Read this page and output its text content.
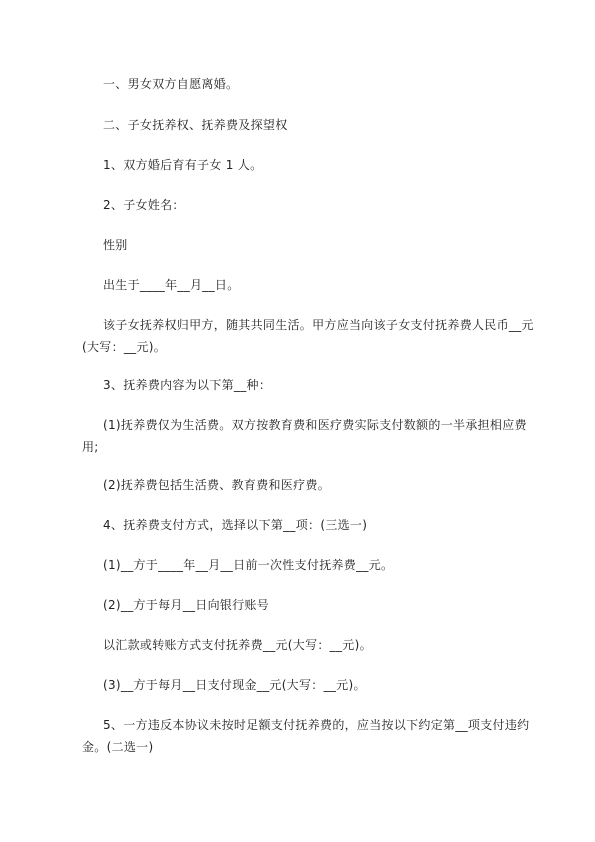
一、男女双方自愿离婚。
二、子女抚养权、抚养费及探望权
1、双方婚后育有子女 1 人。
2、子女姓名：
性别
出生于____年__月__日。
该子女抚养权归甲方，随其共同生活。甲方应当向该子女支付抚养费人民币__元
(大写：__元)。
3、抚养费内容为以下第__种：
(1)抚养费仅为生活费。双方按教育费和医疗费实际支付数额的一半承担相应费
用;
(2)抚养费包括生活费、教育费和医疗费。
4、抚养费支付方式，选择以下第__项：(三选一)
(1)__方于____年__月__日前一次性支付抚养费__元。
(2)__方于每月__日向银行账号
以汇款或转账方式支付抚养费__元(大写：__元)。
(3)__方于每月__日支付现金__元(大写：__元)。
5、一方违反本协议未按时足额支付抚养费的，应当按以下约定第__项支付违约
金。(二选一)
